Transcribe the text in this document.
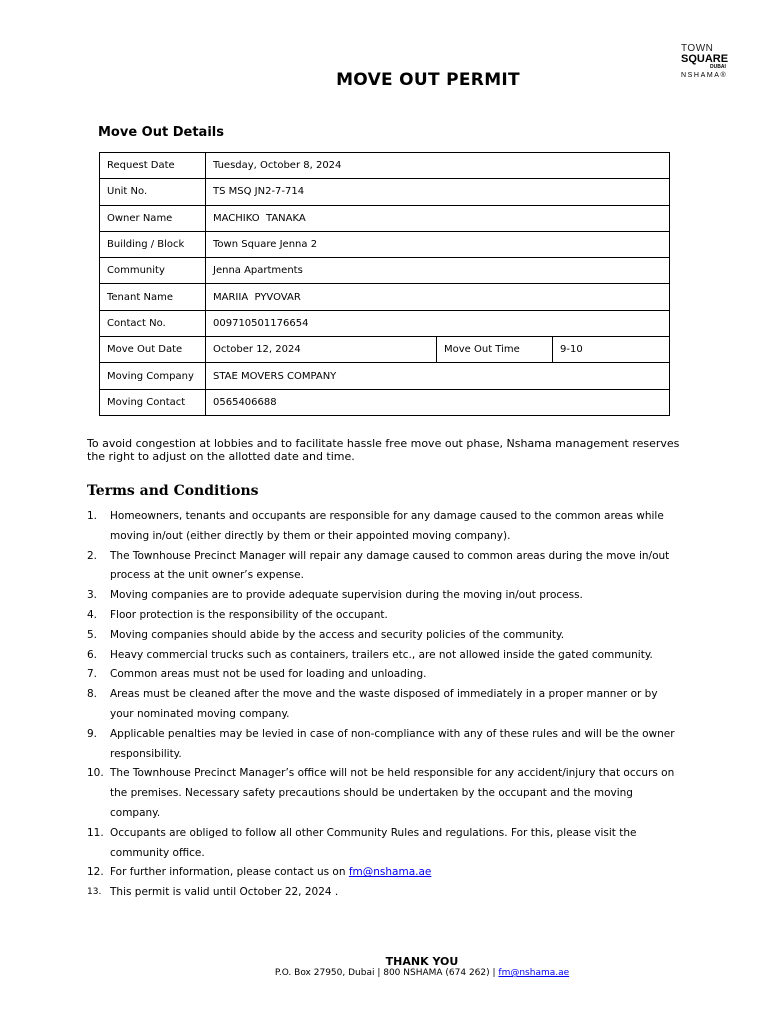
TOWN
SQUARE
DUBAI
NSHAMA®
MOVE OUT PERMIT
Move Out Details
Request Date	Tuesday, October 8, 2024		
Unit No.	TS MSQ JN2-7-714		
Owner Name	MACHIKO  TANAKA		
Building / Block	Town Square Jenna 2		
Community	Jenna Apartments		
Tenant Name	MARIIA  PYVOVAR		
Contact No.	009710501176654		
Move Out Date	October 12, 2024	Move Out Time	9-10
Moving Company	STAE MOVERS COMPANY		
Moving Contact	0565406688		
To avoid congestion at lobbies and to facilitate hassle free move out phase, Nshama management reserves the right to adjust on the allotted date and time.
Terms and Conditions
1. Homeowners, tenants and occupants are responsible for any damage caused to the common areas while moving in/out (either directly by them or their appointed moving company).
2. The Townhouse Precinct Manager will repair any damage caused to common areas during the move in/out process at the unit owner’s expense.
3. Moving companies are to provide adequate supervision during the moving in/out process.
4. Floor protection is the responsibility of the occupant.
5. Moving companies should abide by the access and security policies of the community.
6. Heavy commercial trucks such as containers, trailers etc., are not allowed inside the gated community.
7. Common areas must not be used for loading and unloading.
8. Areas must be cleaned after the move and the waste disposed of immediately in a proper manner or by your nominated moving company.
9. Applicable penalties may be levied in case of non-compliance with any of these rules and will be the owner responsibility.
10. The Townhouse Precinct Manager’s office will not be held responsible for any accident/injury that occurs on the premises. Necessary safety precautions should be undertaken by the occupant and the moving company.
11. Occupants are obliged to follow all other Community Rules and regulations. For this, please visit the community office.
12. For further information, please contact us on fm@nshama.ae
13. This permit is valid until October 22, 2024 .
THANK YOU
P.O. Box 27950, Dubai | 800 NSHAMA (674 262) | fm@nshama.ae
